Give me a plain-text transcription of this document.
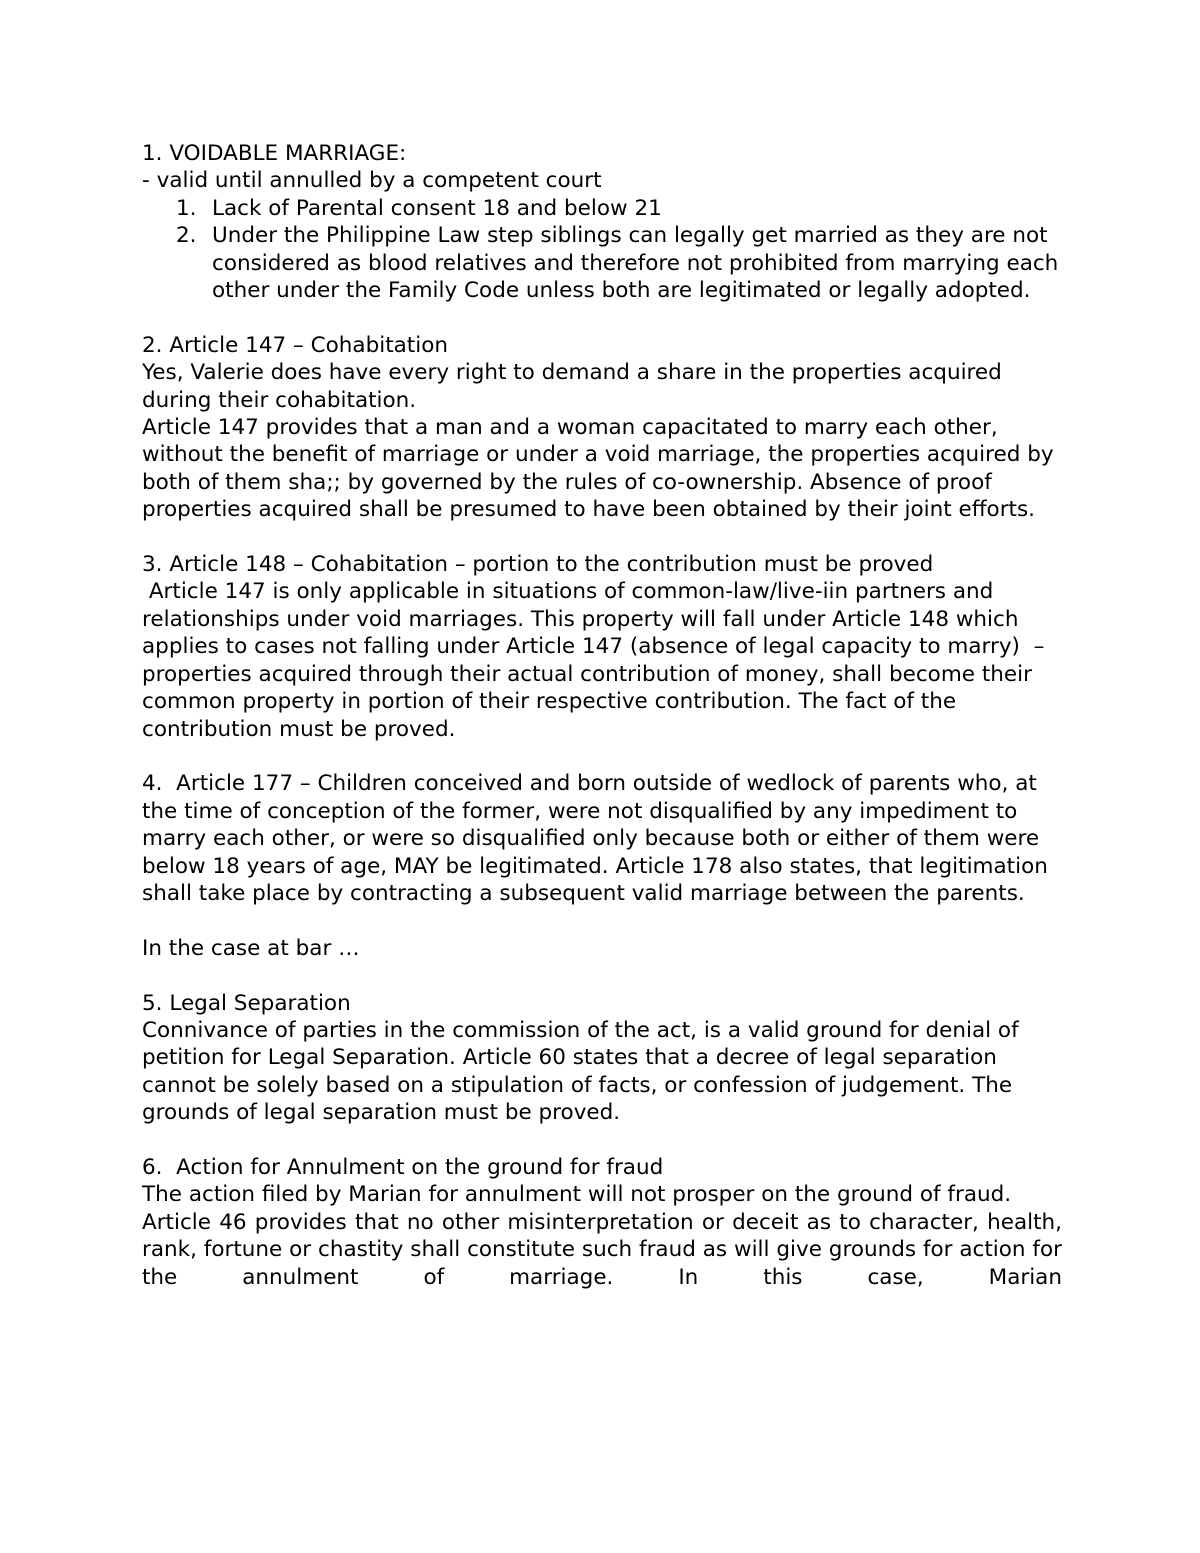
1. VOIDABLE MARRIAGE:

- valid until annulled by a competent court

1. Lack of Parental consent 18 and below 21
2. Under the Philippine Law step siblings can legally get married as they are not considered as blood relatives and therefore not prohibited from marrying each other under the Family Code unless both are legitimated or legally adopted.

2. Article 147 – Cohabitation

Yes, Valerie does have every right to demand a share in the properties acquired during their cohabitation.

Article 147 provides that a man and a woman capacitated to marry each other, without the benefit of marriage or under a void marriage, the properties acquired by both of them sha;; by governed by the rules of co-ownership. Absence of proof properties acquired shall be presumed to have been obtained by their joint efforts.

3. Article 148 – Cohabitation – portion to the contribution must be proved

Article 147 is only applicable in situations of common-law/live-iin partners and relationships under void marriages. This property will fall under Article 148 which applies to cases not falling under Article 147 (absence of legal capacity to marry)  – properties acquired through their actual contribution of money, shall become their common property in portion of their respective contribution. The fact of the contribution must be proved.

4.  Article 177 – Children conceived and born outside of wedlock of parents who, at the time of conception of the former, were not disqualified by any impediment to marry each other, or were so disqualified only because both or either of them were below 18 years of age, MAY be legitimated. Article 178 also states, that legitimation shall take place by contracting a subsequent valid marriage between the parents.

In the case at bar …

5. Legal Separation

Connivance of parties in the commission of the act, is a valid ground for denial of petition for Legal Separation. Article 60 states that a decree of legal separation cannot be solely based on a stipulation of facts, or confession of judgement. The grounds of legal separation must be proved.

6.  Action for Annulment on the ground for fraud

The action filed by Marian for annulment will not prosper on the ground of fraud.

Article 46 provides that no other misinterpretation or deceit as to character, health, rank, fortune or chastity shall constitute such fraud as will give grounds for action for the annulment of marriage. In this case, Marian
